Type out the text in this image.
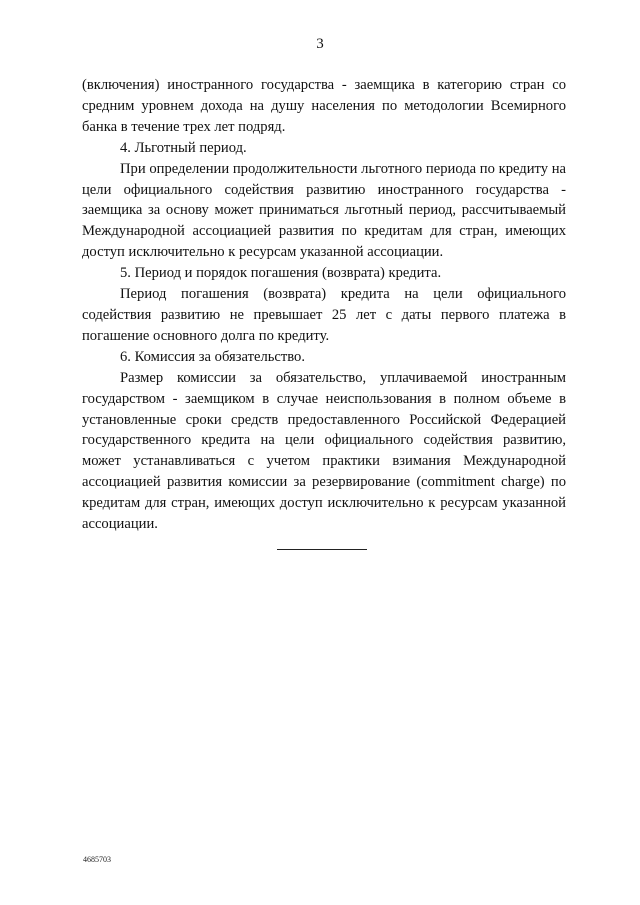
3

(включения) иностранного государства - заемщика в категорию стран со средним уровнем дохода на душу населения по методологии Всемирного банка в течение трех лет подряд.

4. Льготный период.

При определении продолжительности льготного периода по кредиту на цели официального содействия развитию иностранного государства - заемщика за основу может приниматься льготный период, рассчитываемый Международной ассоциацией развития по кредитам для стран, имеющих доступ исключительно к ресурсам указанной ассоциации.

5. Период и порядок погашения (возврата) кредита.

Период погашения (возврата) кредита на цели официального содействия развитию не превышает 25 лет с даты первого платежа в погашение основного долга по кредиту.

6. Комиссия за обязательство.

Размер комиссии за обязательство, уплачиваемой иностранным государством - заемщиком в случае неиспользования в полном объеме в установленные сроки средств предоставленного Российской Федерацией государственного кредита на цели официального содействия развитию, может устанавливаться с учетом практики взимания Международной ассоциацией развития комиссии за резервирование (commitment charge) по кредитам для стран, имеющих доступ исключительно к ресурсам указанной ассоциации.

4685703
